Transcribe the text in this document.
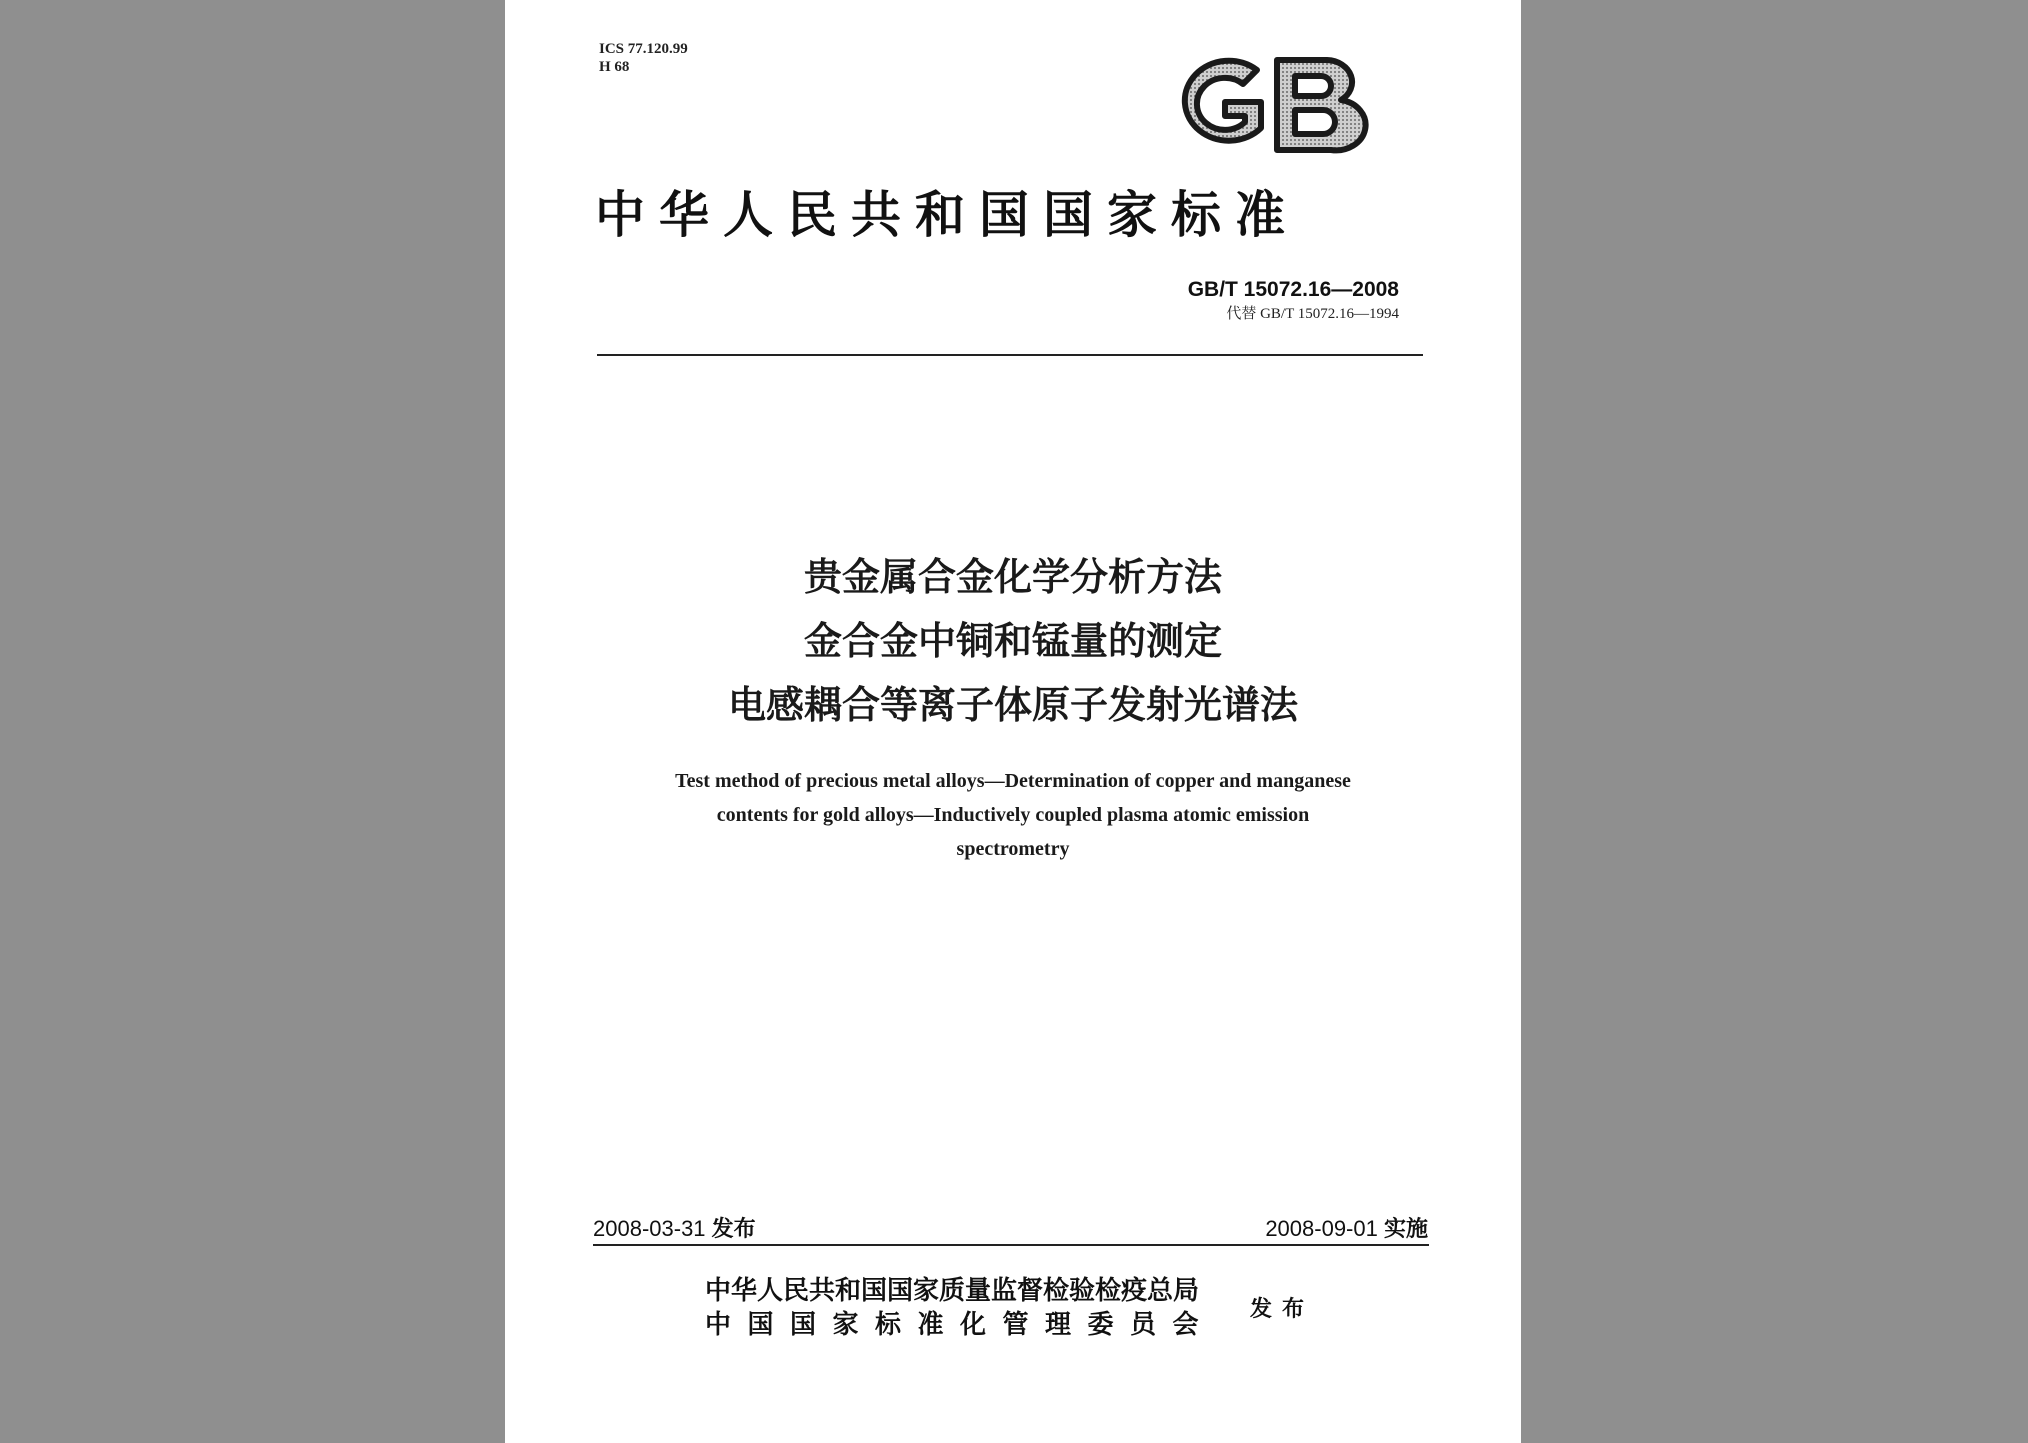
ICS 77.120.99
H 68
中华人民共和国国家标准
GB/T 15072.16—2008
代替 GB/T 15072.16—1994
贵金属合金化学分析方法
金合金中铜和锰量的测定
电感耦合等离子体原子发射光谱法
Test method of precious metal alloys—Determination of copper and manganese
contents for gold alloys—Inductively coupled plasma atomic emission
spectrometry
2008-03-31 发布	2008-09-01 实施
中华人民共和国国家质量监督检验检疫总局
中国国家标准化管理委员会
发布
